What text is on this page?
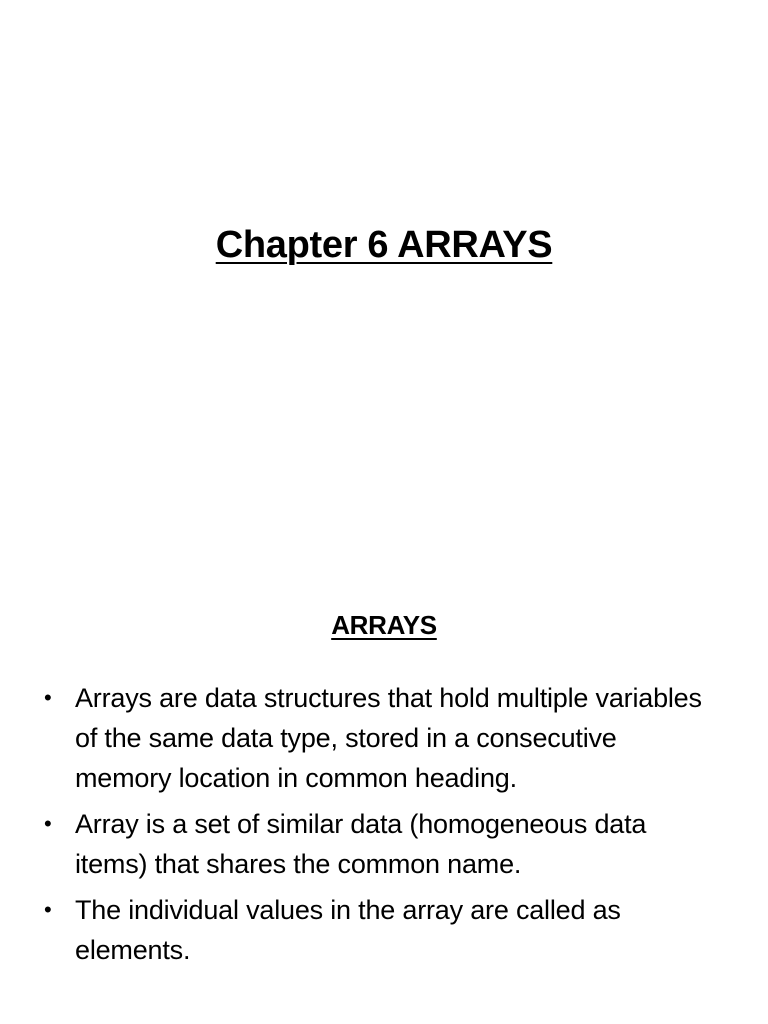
Chapter 6 ARRAYS
ARRAYS
• Arrays are data structures that hold multiple variables of the same data type, stored in a consecutive memory location in common heading.
• Array is a set of similar data (homogeneous data items) that shares the common name.
• The individual values in the array are called as elements.
